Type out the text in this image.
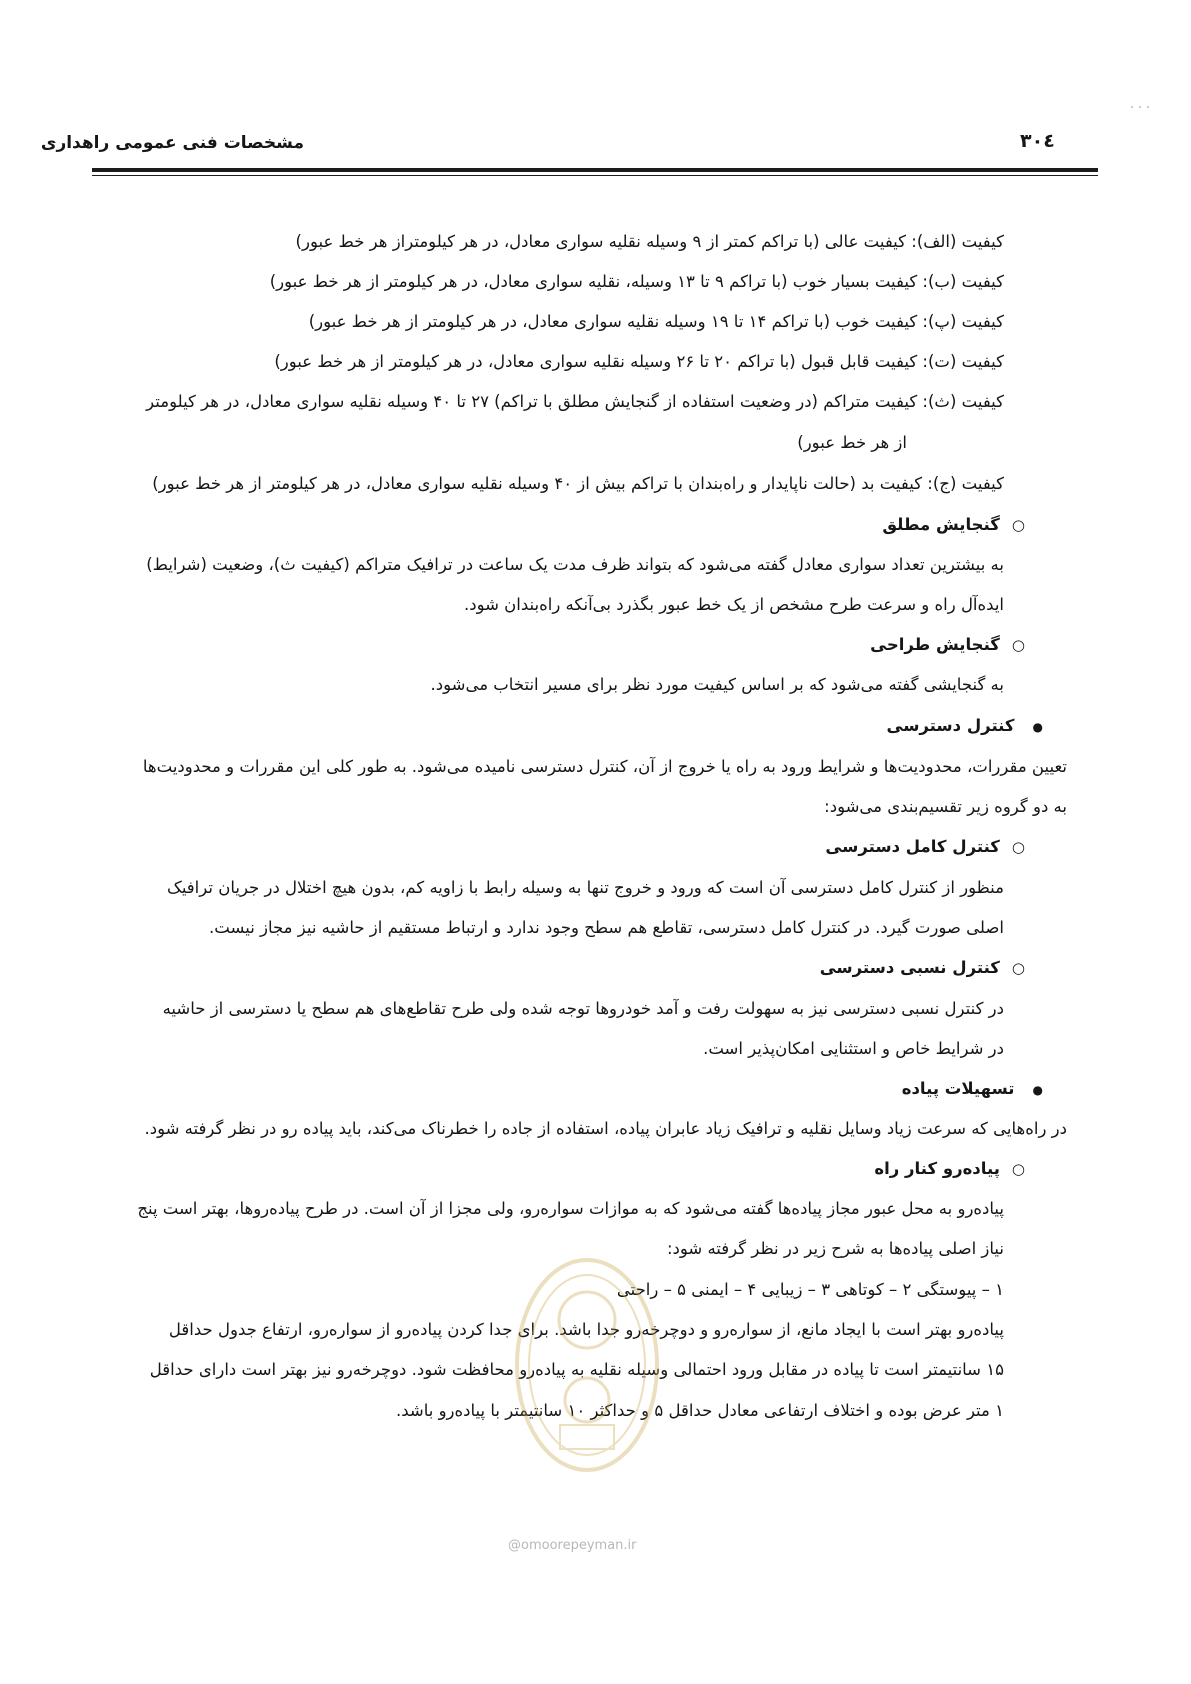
مشخصات فنی عمومی راهداری	۳۰٤
کیفیت (الف): کیفیت عالی (با تراکم کمتر از ۹ وسیله نقلیه سواری معادل، در هر کیلومتراز هر خط عبور)
کیفیت (ب): کیفیت بسیار خوب (با تراکم ۹ تا ۱۳ وسیله، نقلیه سواری معادل، در هر کیلومتر از هر خط عبور)
کیفیت (پ): کیفیت خوب (با تراکم ۱۴ تا ۱۹ وسیله نقلیه سواری معادل، در هر کیلومتر از هر خط عبور)
کیفیت (ت): کیفیت قابل قبول (با تراکم ۲۰ تا ۲۶ وسیله نقلیه سواری معادل، در هر کیلومتر از هر خط عبور)
کیفیت (ث): کیفیت متراکم (در وضعیت استفاده از گنجایش مطلق با تراکم) ۲۷ تا ۴۰ وسیله نقلیه سواری معادل، در هر کیلومتر
از هر خط عبور)
کیفیت (ج): کیفیت بد (حالت ناپایدار و راه‌بندان با تراکم بیش از ۴۰ وسیله نقلیه سواری معادل، در هر کیلومتر از هر خط عبور)
○گنجایش مطلق
به بیشترین تعداد سواری معادل گفته می‌شود که بتواند ظرف مدت یک ساعت در ترافیک متراکم (کیفیت ث)، وضعیت (شرایط)
ایده‌آل راه و سرعت طرح مشخص از یک خط عبور بگذرد بی‌آنکه راه‌بندان شود.
○گنجایش طراحی
به گنجایشی گفته می‌شود که بر اساس کیفیت مورد نظر برای مسیر انتخاب می‌شود.
●کنترل دسترسی
تعیین مقررات، محدودیت‌ها و شرایط ورود به راه یا خروج از آن، کنترل دسترسی نامیده می‌شود. به طور کلی این مقررات و محدودیت‌ها
به دو گروه زیر تقسیم‌بندی می‌شود:
○کنترل کامل دسترسی
منظور از کنترل کامل دسترسی آن است که ورود و خروج تنها به وسیله رابط با زاویه کم، بدون هیچ اختلال در جریان ترافیک
اصلی صورت گیرد. در کنترل کامل دسترسی، تقاطع هم سطح وجود ندارد و ارتباط مستقیم از حاشیه نیز مجاز نیست.
○کنترل نسبی دسترسی
در کنترل نسبی دسترسی نیز به سهولت رفت و آمد خودروها توجه شده ولی طرح تقاطع‌های هم سطح یا دسترسی از حاشیه
در شرایط خاص و استثنایی امکان‌پذیر است.
●تسهیلات پیاده
در راه‌هایی که سرعت زیاد وسایل نقلیه و ترافیک زیاد عابران پیاده، استفاده از جاده را خطرناک می‌کند، باید پیاده رو در نظر گرفته شود.
○پیاده‌رو کنار راه
پیاده‌رو به محل عبور مجاز پیاده‌ها گفته می‌شود که به موازات سواره‌رو، ولی مجزا از آن است. در طرح پیاده‌روها، بهتر است پنج
نیاز اصلی پیاده‌ها به شرح زیر در نظر گرفته شود:
۱ – پیوستگی ۲ – کوتاهی ۳ – زیبایی ۴ – ایمنی ۵ – راحتی
پیاده‌رو بهتر است با ایجاد مانع، از سواره‌رو و دوچرخه‌رو جدا باشد. برای جدا کردن پیاده‌رو از سواره‌رو، ارتفاع جدول حداقل
۱۵ سانتیمتر است تا پیاده در مقابل ورود احتمالی وسیله نقلیه به پیاده‌رو محافظت شود. دوچرخه‌رو نیز بهتر است دارای حداقل
۱ متر عرض بوده و اختلاف ارتفاعی معادل حداقل ۵ و حداکثر ۱۰ سانتیمتر با پیاده‌رو باشد.
@omoorepeyman.ir
